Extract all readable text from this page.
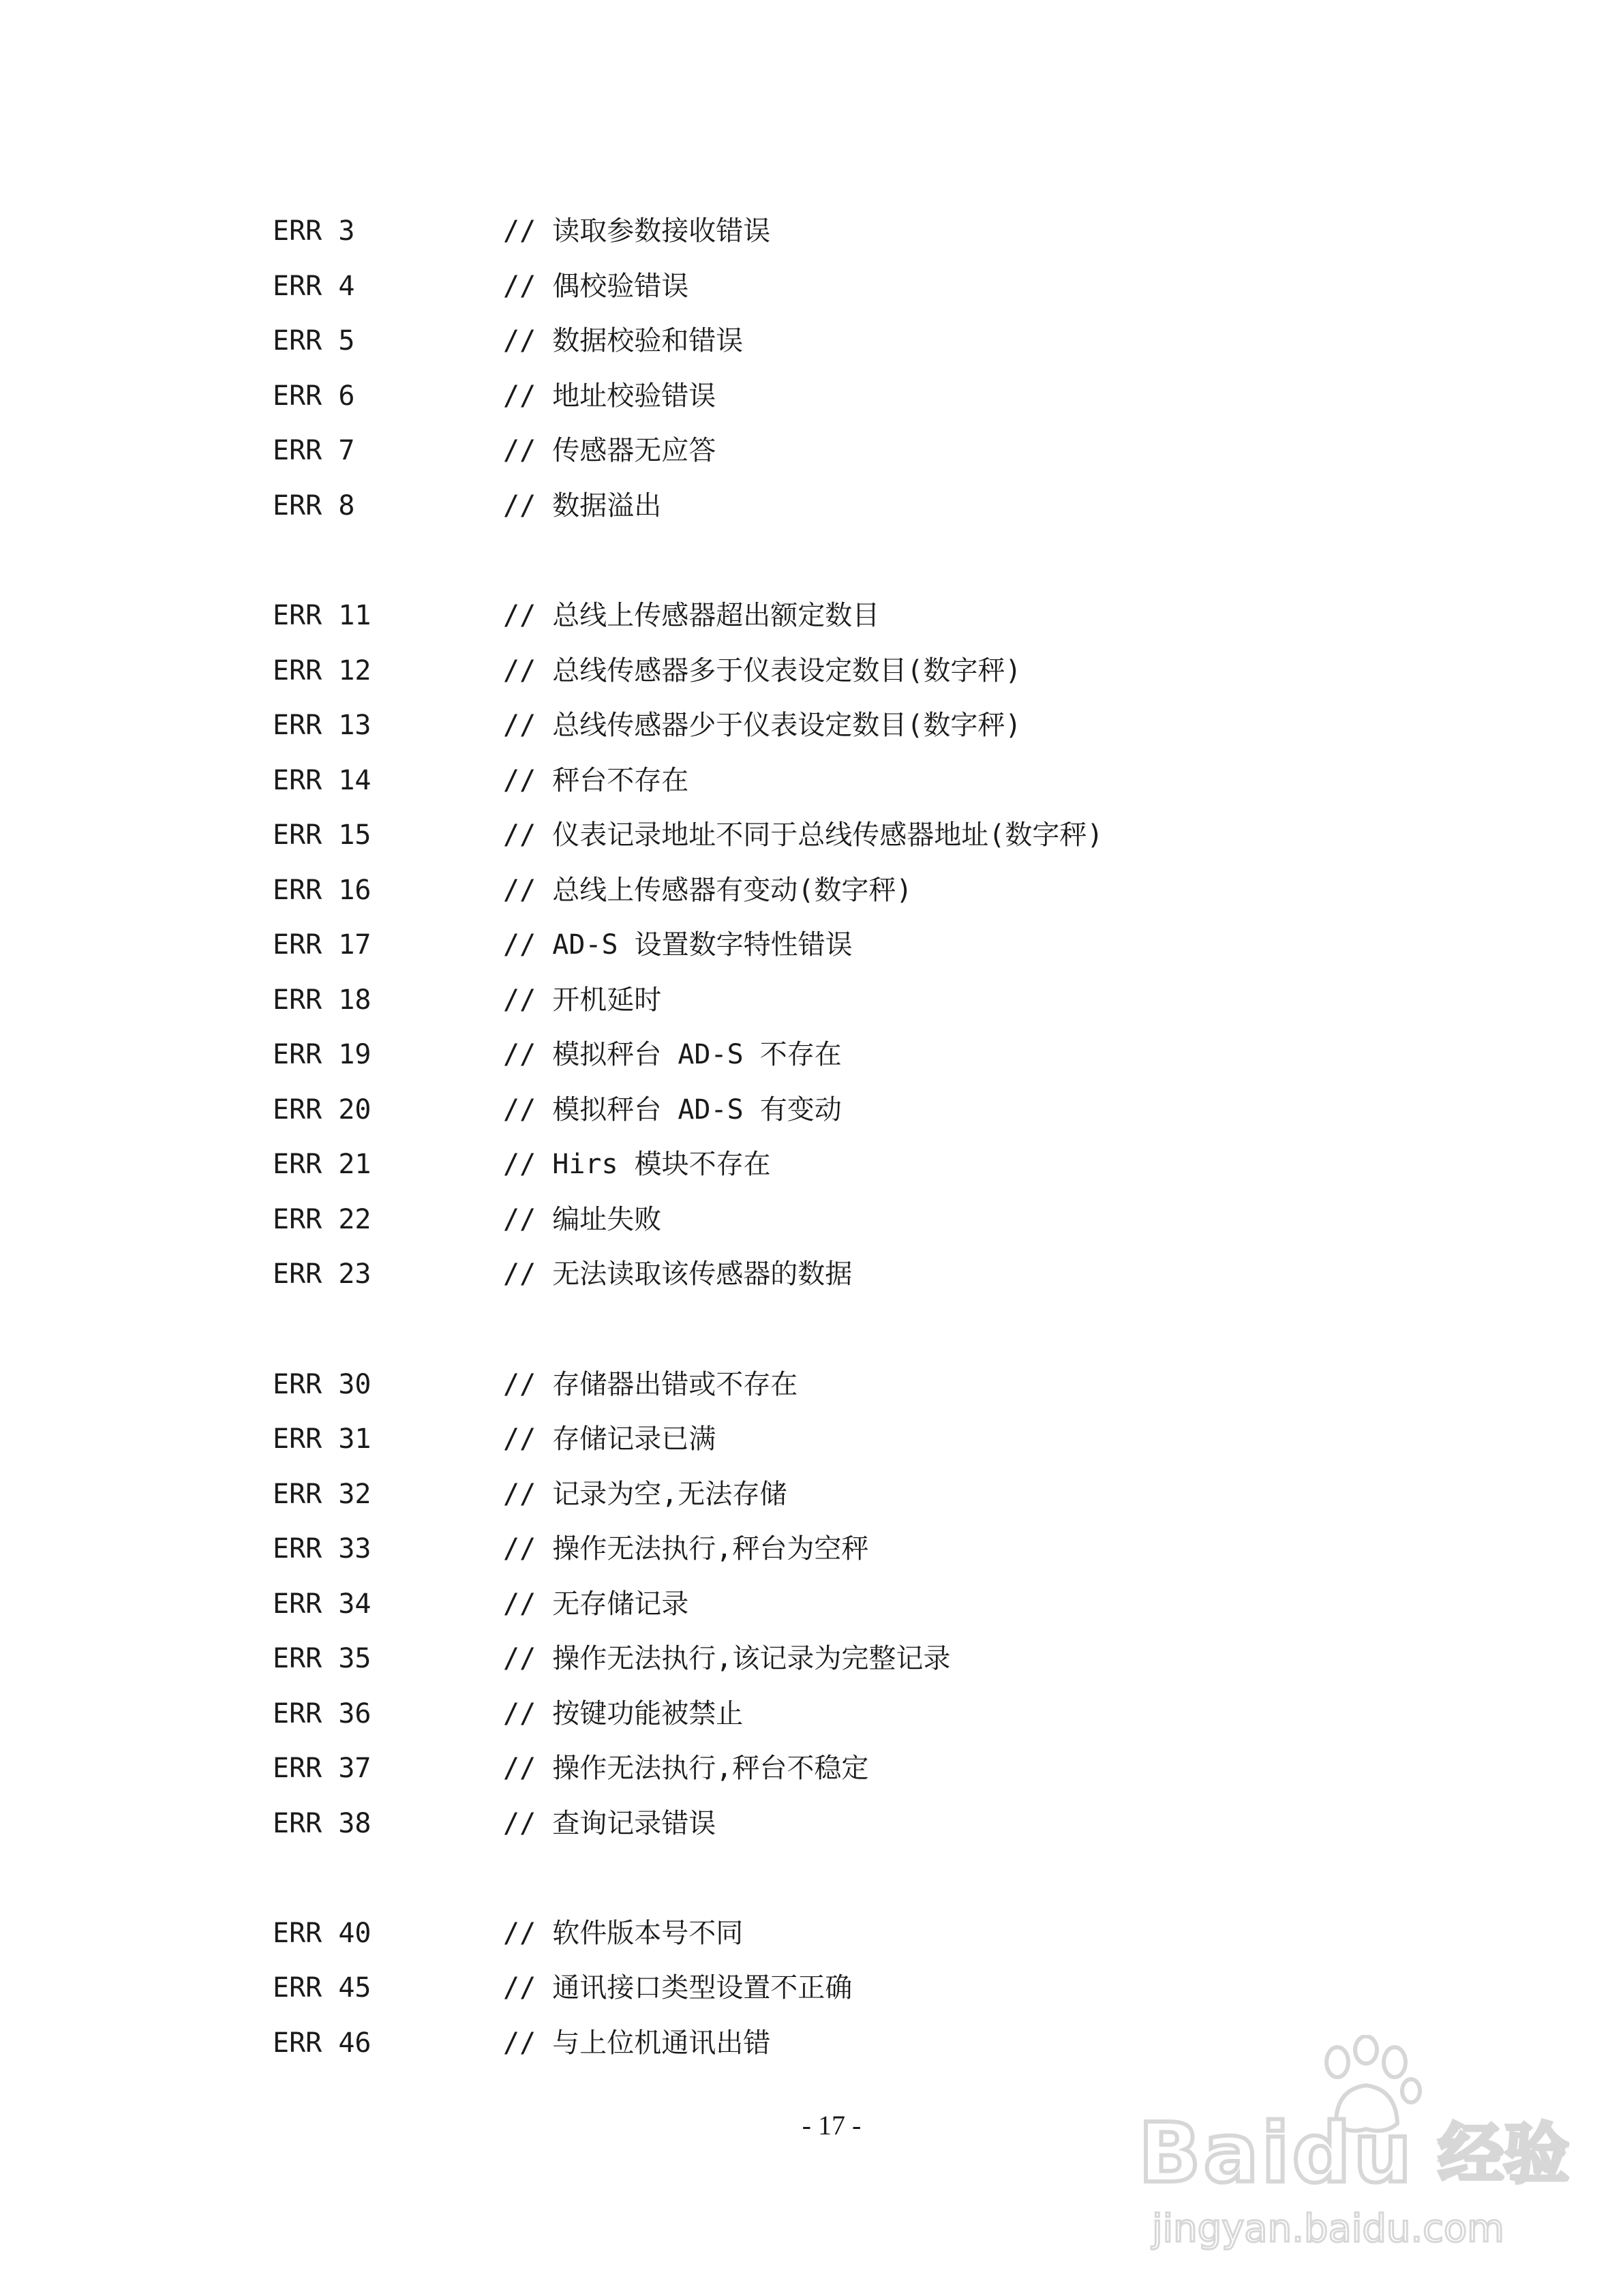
ERR 3	// 读取参数接收错误
ERR 4	// 偶校验错误
ERR 5	// 数据校验和错误
ERR 6	// 地址校验错误
ERR 7	// 传感器无应答
ERR 8	// 数据溢出
ERR 11	// 总线上传感器超出额定数目
ERR 12	// 总线传感器多于仪表设定数目(数字秤)
ERR 13	// 总线传感器少于仪表设定数目(数字秤)
ERR 14	// 秤台不存在
ERR 15	// 仪表记录地址不同于总线传感器地址(数字秤)
ERR 16	// 总线上传感器有变动(数字秤)
ERR 17	// AD-S 设置数字特性错误
ERR 18	// 开机延时
ERR 19	// 模拟秤台 AD-S 不存在
ERR 20	// 模拟秤台 AD-S 有变动
ERR 21	// Hirs 模块不存在
ERR 22	// 编址失败
ERR 23	// 无法读取该传感器的数据
ERR 30	// 存储器出错或不存在
ERR 31	// 存储记录已满
ERR 32	// 记录为空,无法存储
ERR 33	// 操作无法执行,秤台为空秤
ERR 34	// 无存储记录
ERR 35	// 操作无法执行,该记录为完整记录
ERR 36	// 按键功能被禁止
ERR 37	// 操作无法执行,秤台不稳定
ERR 38	// 查询记录错误
ERR 40	// 软件版本号不同
ERR 45	// 通讯接口类型设置不正确
ERR 46	// 与上位机通讯出错
- 17 -	Baidu 经验
jingyan.baidu.com
